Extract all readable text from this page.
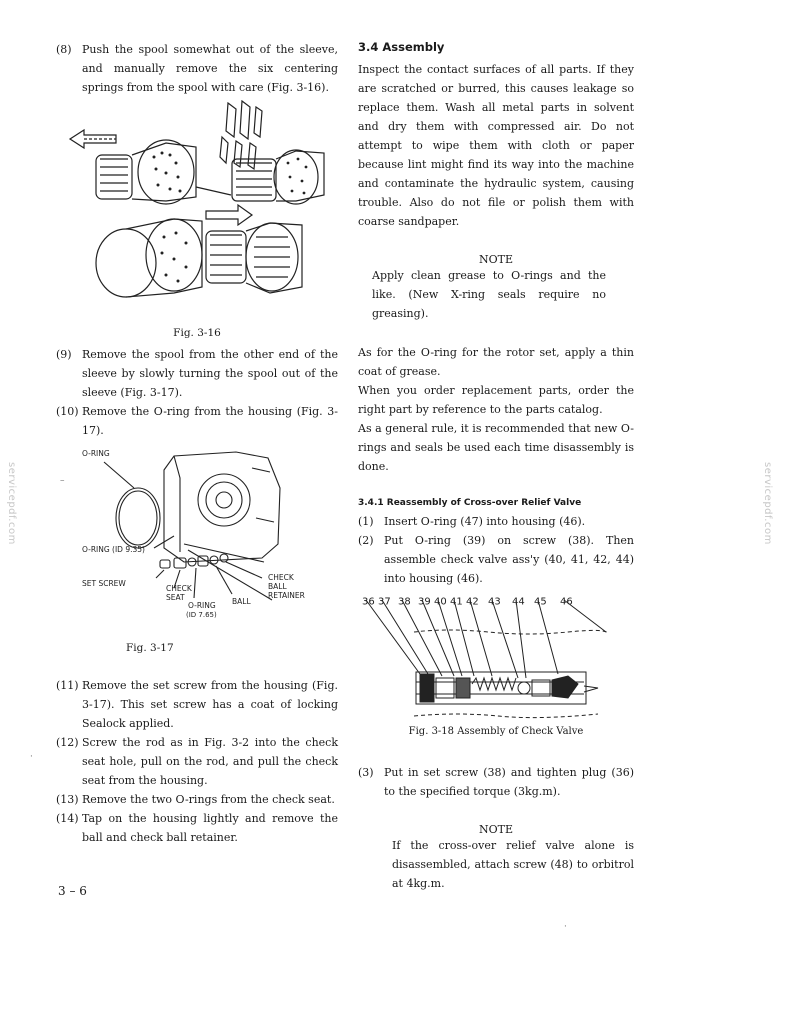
(8) Push the spool somewhat out of the sleeve, and manually remove the six centering springs from the spool with care (Fig. 3-16).

Fig. 3-16

(9) Remove the spool from the other end of the sleeve by slowly turning the spool out of the sleeve (Fig. 3-17).
(10) Remove the O-ring from the housing (Fig. 3-17).
O-RING
O-RING (ID 9.35)
SET SCREW
CHECK
SEAT
O-RING
(ID 7.65)
BALL
CHECK
BALL
RETAINER

Fig. 3-17

(11) Remove the set screw from the housing (Fig. 3-17). This set screw has a coat of locking Sealock applied.
(12) Screw the rod as in Fig. 3-2 into the check seat hole, pull on the rod, and pull the check seat from the housing.
(13) Remove the two O-rings from the check seat.
(14) Tap on the housing lightly and remove the ball and check ball retainer.

3.4 Assembly

Inspect the contact surfaces of all parts. If they are scratched or burred, this causes leakage so replace them. Wash all metal parts in solvent and dry them with compressed air. Do not attempt to wipe them with cloth or paper because lint might find its way into the machine and contaminate the hydraulic system, causing trouble. Also do not file or polish them with coarse sandpaper.

NOTE

Apply clean grease to O-rings and the like. (New X-ring seals require no greasing).

As for the O-ring for the rotor set, apply a thin coat of grease.

When you order replacement parts, order the right part by reference to the parts catalog.

As a general rule, it is recommended that new O-rings and seals be used each time disassembly is done.

3.4.1 Reassembly of Cross-over Relief Valve

(1) Insert O-ring (47) into housing (46).
(2) Put O-ring (39) on screw (38). Then assemble check valve ass'y (40, 41, 42, 44) into housing (46).
36 37 38 39 40 41 42 43 44 45 46

Fig. 3-18 Assembly of Check Valve

(3) Put in set screw (38) and tighten plug (36) to the specified torque (3kg.m).

NOTE

If the cross-over relief valve alone is disassembled, attach screw (48) to orbitrol at 4kg.m.

3 – 6
servicepdf.com	servicepdf.com
–
·
·
